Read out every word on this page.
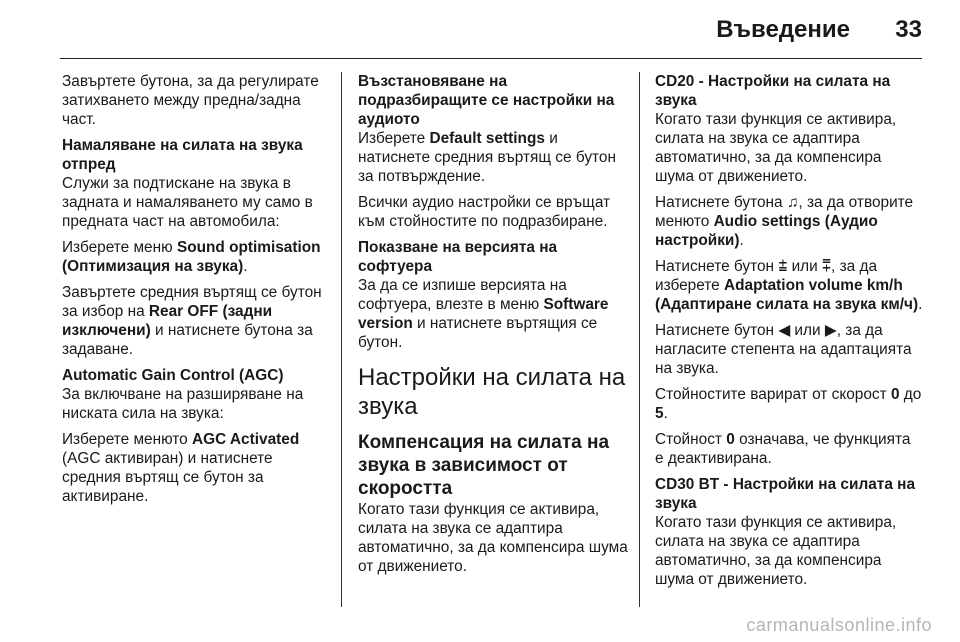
Въведение 33

Завъртете бутона, за да регулирате затихването между предна/задна част.

Намаляване на силата на звука отпред

Служи за подтискане на звука в задната и намаляването му само в предната част на автомобила:

Изберете меню Sound optimisation (Оптимизация на звука).

Завъртете средния въртящ се бутон за избор на Rear OFF (задни изключени) и натиснете бутона за задаване.

Automatic Gain Control (AGC)

За включване на разширяване на ниската сила на звука:

Изберете менюто AGC Activated (AGC активиран) и натиснете средния въртящ се бутон за активиране.

Възстановяване на подразбиращите се настройки на аудиото

Изберете Default settings и натиснете средния въртящ се бутон за потвърждение.

Всички аудио настройки се връщат към стойностите по подразбиране.

Показване на версията на софтуера

За да се изпише версията на софтуера, влезте в меню Software version и натиснете въртящия се бутон.

Настройки на силата на звука

Компенсация на силата на звука в зависимост от скоростта

Когато тази функция се активира, силата на звука се адаптира автоматично, за да компенсира шума от движението.

CD20 - Настройки на силата на звука

Когато тази функция се активира, силата на звука се адаптира автоматично, за да компенсира шума от движението.

Натиснете бутона ♫, за да отворите менюто Audio settings (Аудио настройки).

Натиснете бутон ⩲ или ⩱, за да изберете Adaptation volume km/h (Адаптиране силата на звука км/ч).

Натиснете бутон ◀ или ▶, за да нагласите степента на адаптацията на звука.

Стойностите варират от скорост 0 до 5.

Стойност 0 означава, че функцията е деактивирана.

CD30 BT - Настройки на силата на звука

Когато тази функция се активира, силата на звука се адаптира автоматично, за да компенсира шума от движението.

carmanualsonline.info
